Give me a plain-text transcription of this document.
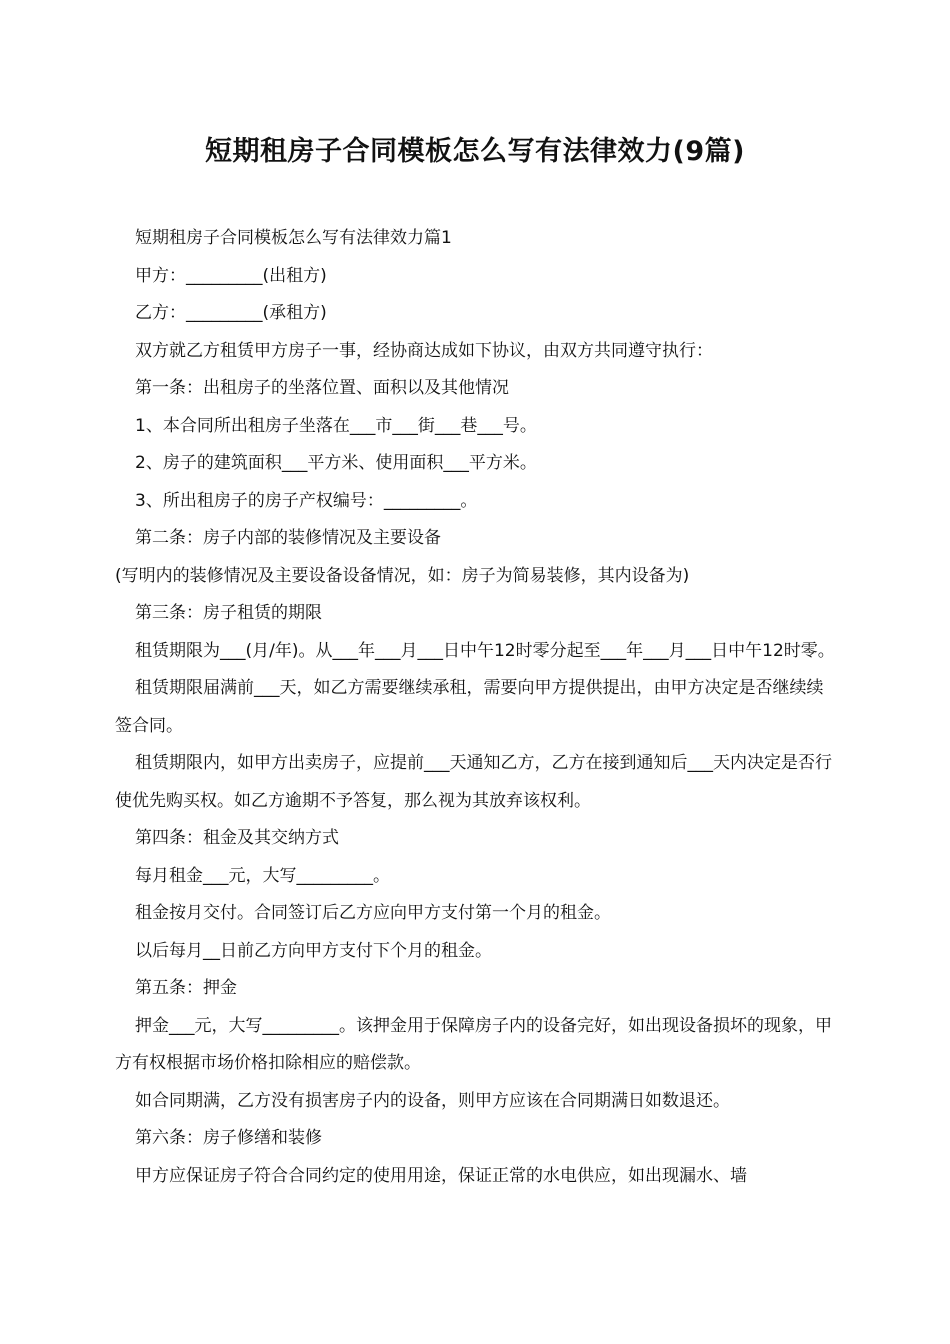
短期租房子合同模板怎么写有法律效力(9篇)

短期租房子合同模板怎么写有法律效力篇1

甲方：_________(出租方)

乙方：_________(承租方)

双方就乙方租赁甲方房子一事，经协商达成如下协议，由双方共同遵守执行：

第一条：出租房子的坐落位置、面积以及其他情况

1、本合同所出租房子坐落在___市___街___巷___号。

2、房子的建筑面积___平方米、使用面积___平方米。

3、所出租房子的房子产权编号：_________。

第二条：房子内部的装修情况及主要设备

(写明内的装修情况及主要设备设备情况，如：房子为简易装修，其内设备为)

第三条：房子租赁的期限

租赁期限为___(月/年)。从___年___月___日中午12时零分起至___年___月___日中午12时零。

租赁期限届满前___天，如乙方需要继续承租，需要向甲方提供提出，由甲方决定是否继续续签合同。

租赁期限内，如甲方出卖房子，应提前___天通知乙方，乙方在接到通知后___天内决定是否行使优先购买权。如乙方逾期不予答复，那么视为其放弃该权利。

第四条：租金及其交纳方式

每月租金___元，大写_________。

租金按月交付。合同签订后乙方应向甲方支付第一个月的租金。

以后每月__日前乙方向甲方支付下个月的租金。

第五条：押金

押金___元，大写_________。该押金用于保障房子内的设备完好，如出现设备损坏的现象，甲方有权根据市场价格扣除相应的赔偿款。

如合同期满，乙方没有损害房子内的设备，则甲方应该在合同期满日如数退还。

第六条：房子修缮和装修

甲方应保证房子符合合同约定的使用用途，保证正常的水电供应，如出现漏水、墙
